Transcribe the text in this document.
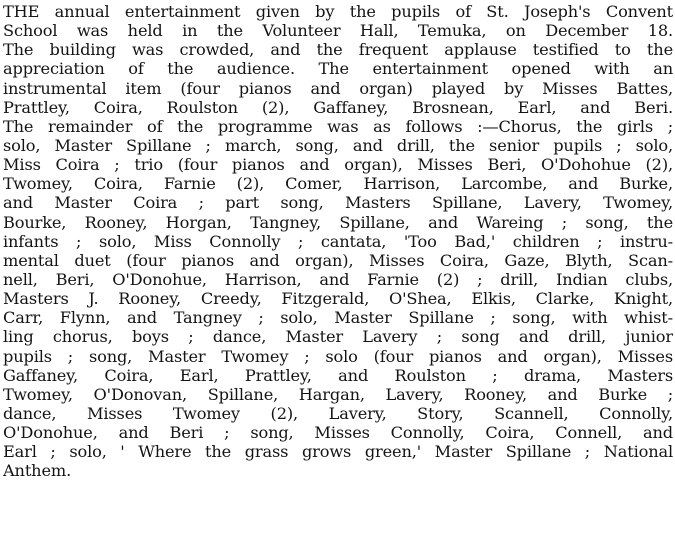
THE annual entertainment given by the pupils of St. Joseph's Convent
School was held in the Volunteer Hall, Temuka, on December 18.
The building was crowded, and the frequent applause testified to the
appreciation of the audience. The entertainment opened with an
instrumental item (four pianos and organ) played by Misses Battes,
Prattley, Coira, Roulston (2), Gaffaney, Brosnean, Earl, and Beri.
The remainder of the programme was as follows :—Chorus, the girls ;
solo, Master Spillane ; march, song, and drill, the senior pupils ; solo,
Miss Coira ; trio (four pianos and organ), Misses Beri, O'Dohohue (2),
Twomey, Coira, Farnie (2), Comer, Harrison, Larcombe, and Burke,
and Master Coira ; part song, Masters Spillane, Lavery, Twomey,
Bourke, Rooney, Horgan, Tangney, Spillane, and Wareing ; song, the
infants ; solo, Miss Connolly ; cantata, 'Too Bad,' children ; instru-
mental duet (four pianos and organ), Misses Coira, Gaze, Blyth, Scan-
nell, Beri, O'Donohue, Harrison, and Farnie (2) ; drill, Indian clubs,
Masters J. Rooney, Creedy, Fitzgerald, O'Shea, Elkis, Clarke, Knight,
Carr, Flynn, and Tangney ; solo, Master Spillane ; song, with whist-
ling chorus, boys ; dance, Master Lavery ; song and drill, junior
pupils ; song, Master Twomey ; solo (four pianos and organ), Misses
Gaffaney, Coira, Earl, Prattley, and Roulston ; drama, Masters
Twomey, O'Donovan, Spillane, Hargan, Lavery, Rooney, and Burke ;
dance, Misses Twomey (2), Lavery, Story, Scannell, Connolly,
O'Donohue, and Beri ; song, Misses Connolly, Coira, Connell, and
Earl ; solo, ' Where the grass grows green,' Master Spillane ; National
Anthem.
